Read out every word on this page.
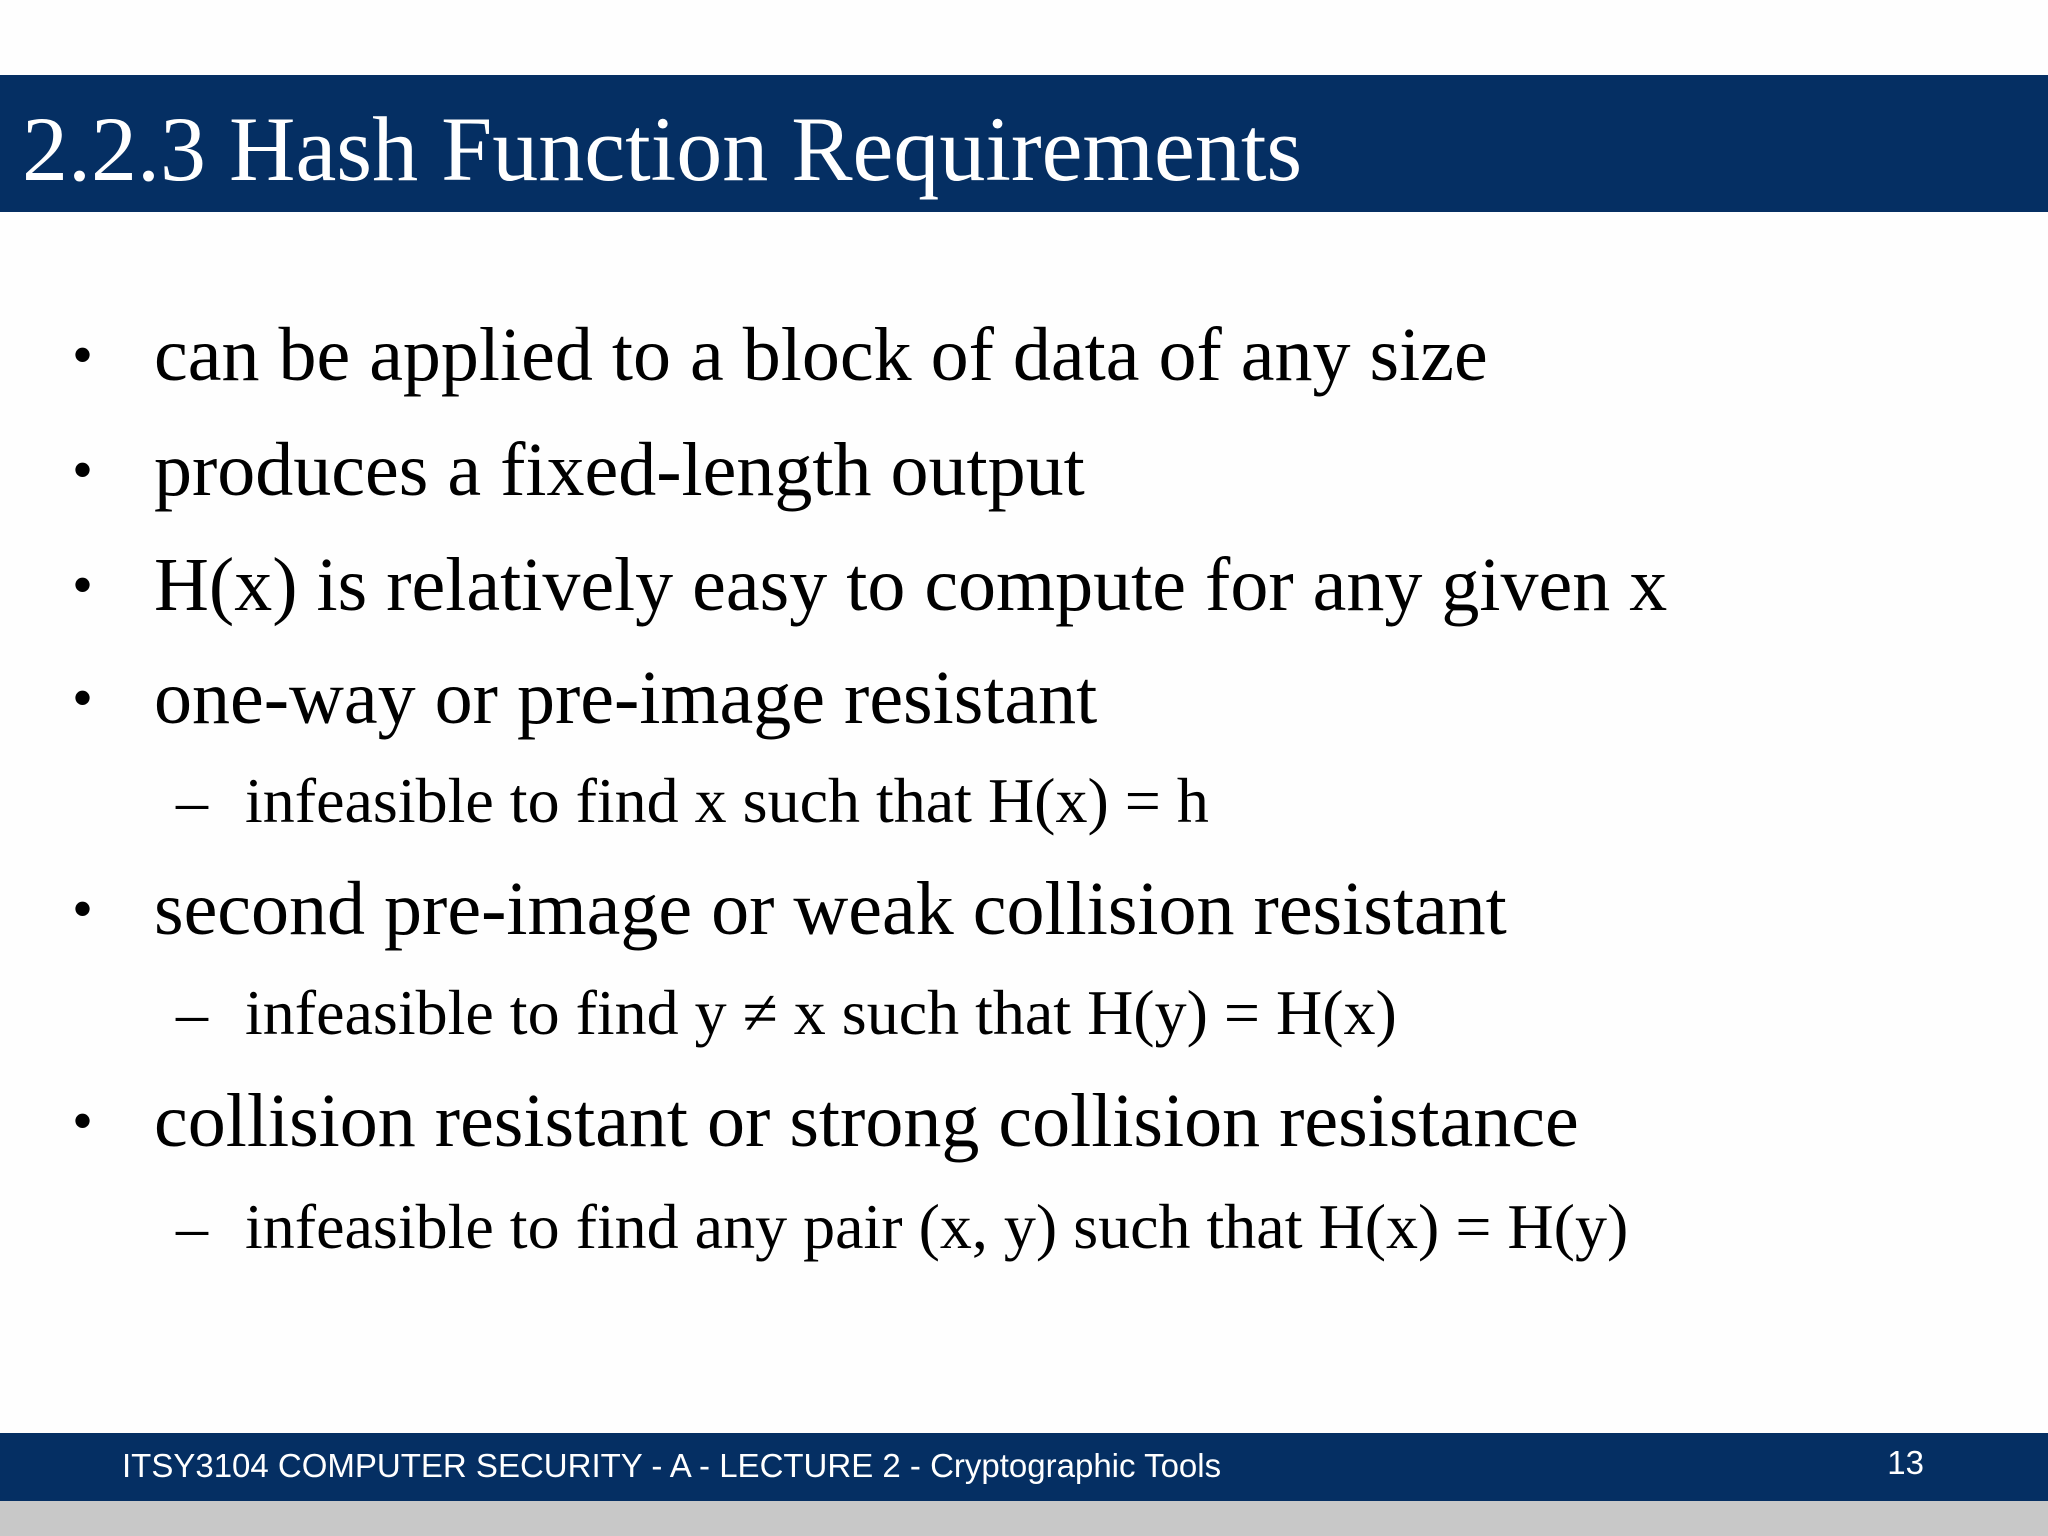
2.2.3 Hash Function Requirements
• can be applied to a block of data of any size
• produces a fixed-length output
• H(x) is relatively easy to compute for any given x
• one-way or pre-image resistant
– infeasible to find x such that H(x) = h
• second pre-image or weak collision resistant
– infeasible to find y ≠ x such that H(y) = H(x)
• collision resistant or strong collision resistance
– infeasible to find any pair (x, y) such that H(x) = H(y)
ITSY3104 COMPUTER SECURITY - A - LECTURE 2 - Cryptographic Tools	13
